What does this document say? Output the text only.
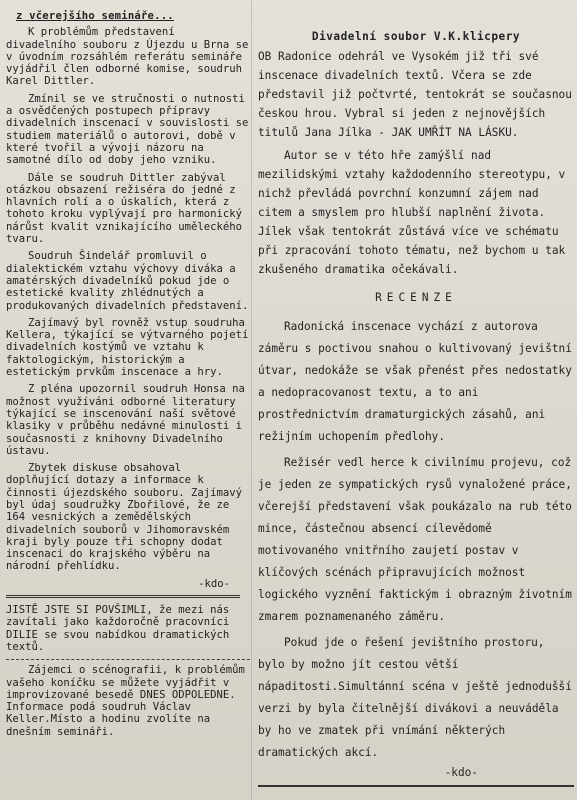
z včerejšího semináře...

K problémům představení divadelního souboru z Újezdu u Brna se v úvodním rozsáhlém referátu semináře vyjádřil člen odborné komise, soudruh Karel Dittler.

Zmínil se ve stručnosti o nutnosti a osvědčených postupech přípravy divadelních inscenací v souvislosti se studiem materiálů o autorovi, době v které tvořil a vývoji názoru na samotné dílo od doby jeho vzniku.

Dále se soudruh Dittler zabýval otázkou obsazení režiséra do jedné z hlavních rolí a o úskalích, která z tohoto kroku vyplývají pro harmonický nárůst kvalit vznikajícího uměleckého tvaru.

Soudruh Šindelář promluvil o dialektickém vztahu výchovy diváka a amatérských divadelníků pokud jde o estetické kvality zhlédnutých a produkovaných divadelních představení.

Zajímavý byl rovněž vstup soudruha Kellera, týkající se výtvarného pojetí divadelních kostýmů ve vztahu k faktologickým, historickým a estetickým prvkům inscenace a hry.

Z pléna upozornil soudruh Honsa na možnost využíváni odborné literatury týkající se inscenování naší světové klasiky v průběhu nedávné minulosti i současnosti z knihovny Divadelního ústavu.

Zbytek diskuse obsahoval doplňující dotazy a informace k činnosti újezdského souboru. Zajímavý byl údaj soudružky Zbořilové, že ze 164 vesnických a zemědělských divadelních souborů v Jihomoravském kraji byly pouze tři schopny dodat inscenaci do krajského výběru na národní přehlídku.

-kdo-

JISTĚ JSTE SI POVŠIMLI, že mezi nás zavítali jako každoročně pracovníci DILIE se svou nabídkou dramatických textů.

Zájemci o scénografii, k problémům vašeho koníčku se můžete vyjádřit v improvizované besedě DNES ODPOLEDNE. Informace podá soudruh Václav Keller.Místo a hodinu zvolíte na dnešním semináři.

Divadelní soubor V.K.klicpery

OB Radonice odehrál ve Vysokém již tři své inscenace divadelních textů. Včera se zde představil již počtvrté, tentokrát se současnou českou hrou. Vybral si jeden z nejnovějších titulů Jana Jílka - JAK UMŘÍT NA LÁSKU.

Autor se v této hře zamýšlí nad mezilidskými vztahy každodenního stereotypu, v nichž převládá povrchní konzumní zájem nad citem a smyslem pro hlubší naplnění života. Jílek však tentokrát zůstává více ve schématu při zpracování tohoto tématu, než bychom u tak zkušeného dramatika očekávali.

RECENZE

Radonická inscenace vychází z autorova záměru s poctivou snahou o kultivovaný jevištní útvar, nedokáže se však přenést přes nedostatky a nedopracovanost textu, a to ani prostřednictvím dramaturgických zásahů, ani režijním uchopením předlohy.

Režisér vedl herce k civilnímu projevu, což je jeden ze sympatických rysů vynaložené práce, včerejší představení však poukázalo na rub této mince, částečnou absencí cílevědomě motivovaného vnitřního zaujetí postav v klíčových scénách připravujících možnost logického vyznění faktickým i obrazným životním zmarem poznamenaného záměru.

Pokud jde o řešení jevištního prostoru, bylo by možno jít cestou větší nápaditosti.Simultánní scéna v ještě jednodušší verzi by byla čitelnější divákovi a neuváděla by ho ve zmatek při vnímání některých dramatických akcí.

-kdo-
